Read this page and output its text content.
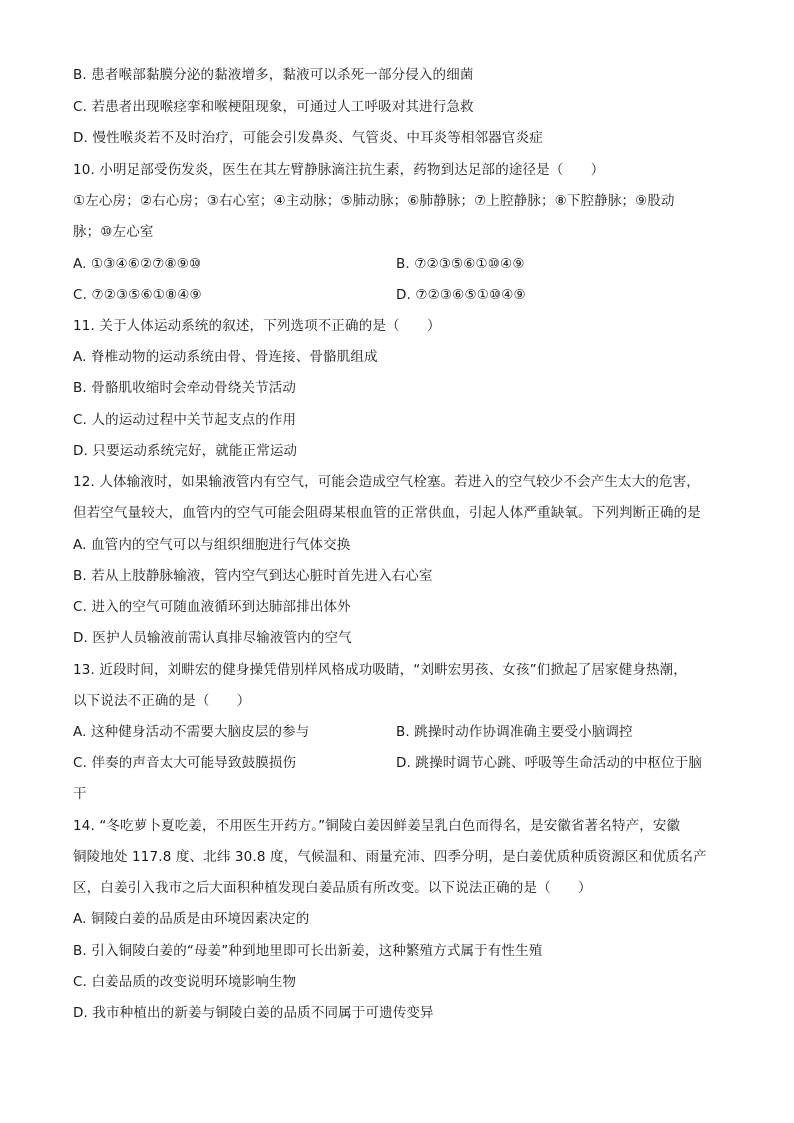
B. 患者喉部黏膜分泌的黏液增多，黏液可以杀死一部分侵入的细菌
C. 若患者出现喉痉挛和喉梗阻现象，可通过人工呼吸对其进行急救
D. 慢性喉炎若不及时治疗，可能会引发鼻炎、气管炎、中耳炎等相邻器官炎症
10. 小明足部受伤发炎，医生在其左臂静脉滴注抗生素，药物到达足部的途径是（　　）
①左心房；②右心房；③右心室；④主动脉；⑤肺动脉；⑥肺静脉；⑦上腔静脉；⑧下腔静脉；⑨股动
脉；⑩左心室
A. ①③④⑥②⑦⑧⑨⑩	B. ⑦②③⑤⑥①⑩④⑨
C. ⑦②③⑤⑥①⑧④⑨	D. ⑦②③⑥⑤①⑩④⑨
11. 关于人体运动系统的叙述，下列选项不正确的是（　　）
A. 脊椎动物的运动系统由骨、骨连接、骨骼肌组成
B. 骨骼肌收缩时会牵动骨绕关节活动
C. 人的运动过程中关节起支点的作用
D. 只要运动系统完好，就能正常运动
12. 人体输液时，如果输液管内有空气，可能会造成空气栓塞。若进入的空气较少不会产生太大的危害，
但若空气量较大，血管内的空气可能会阻碍某根血管的正常供血，引起人体严重缺氧。下列判断正确的是
A. 血管内的空气可以与组织细胞进行气体交换
B. 若从上肢静脉输液，管内空气到达心脏时首先进入右心室
C. 进入的空气可随血液循环到达肺部排出体外
D. 医护人员输液前需认真排尽输液管内的空气
13. 近段时间，刘畊宏的健身操凭借别样风格成功吸睛，“刘畊宏男孩、女孩”们掀起了居家健身热潮，
以下说法不正确的是（　　）
A. 这种健身活动不需要大脑皮层的参与	B. 跳操时动作协调准确主要受小脑调控
C. 伴奏的声音太大可能导致鼓膜损伤	D. 跳操时调节心跳、呼吸等生命活动的中枢位于脑
干
14. “冬吃萝卜夏吃姜，不用医生开药方。”铜陵白姜因鲜姜呈乳白色而得名，是安徽省著名特产，安徽
铜陵地处 117.8 度、北纬 30.8 度，气候温和、雨量充沛、四季分明，是白姜优质种质资源区和优质名产
区，白姜引入我市之后大面积种植发现白姜品质有所改变。以下说法正确的是（　　）
A. 铜陵白姜的品质是由环境因素决定的
B. 引入铜陵白姜的“母姜”种到地里即可长出新姜，这种繁殖方式属于有性生殖
C. 白姜品质的改变说明环境影响生物
D. 我市种植出的新姜与铜陵白姜的品质不同属于可遗传变异
